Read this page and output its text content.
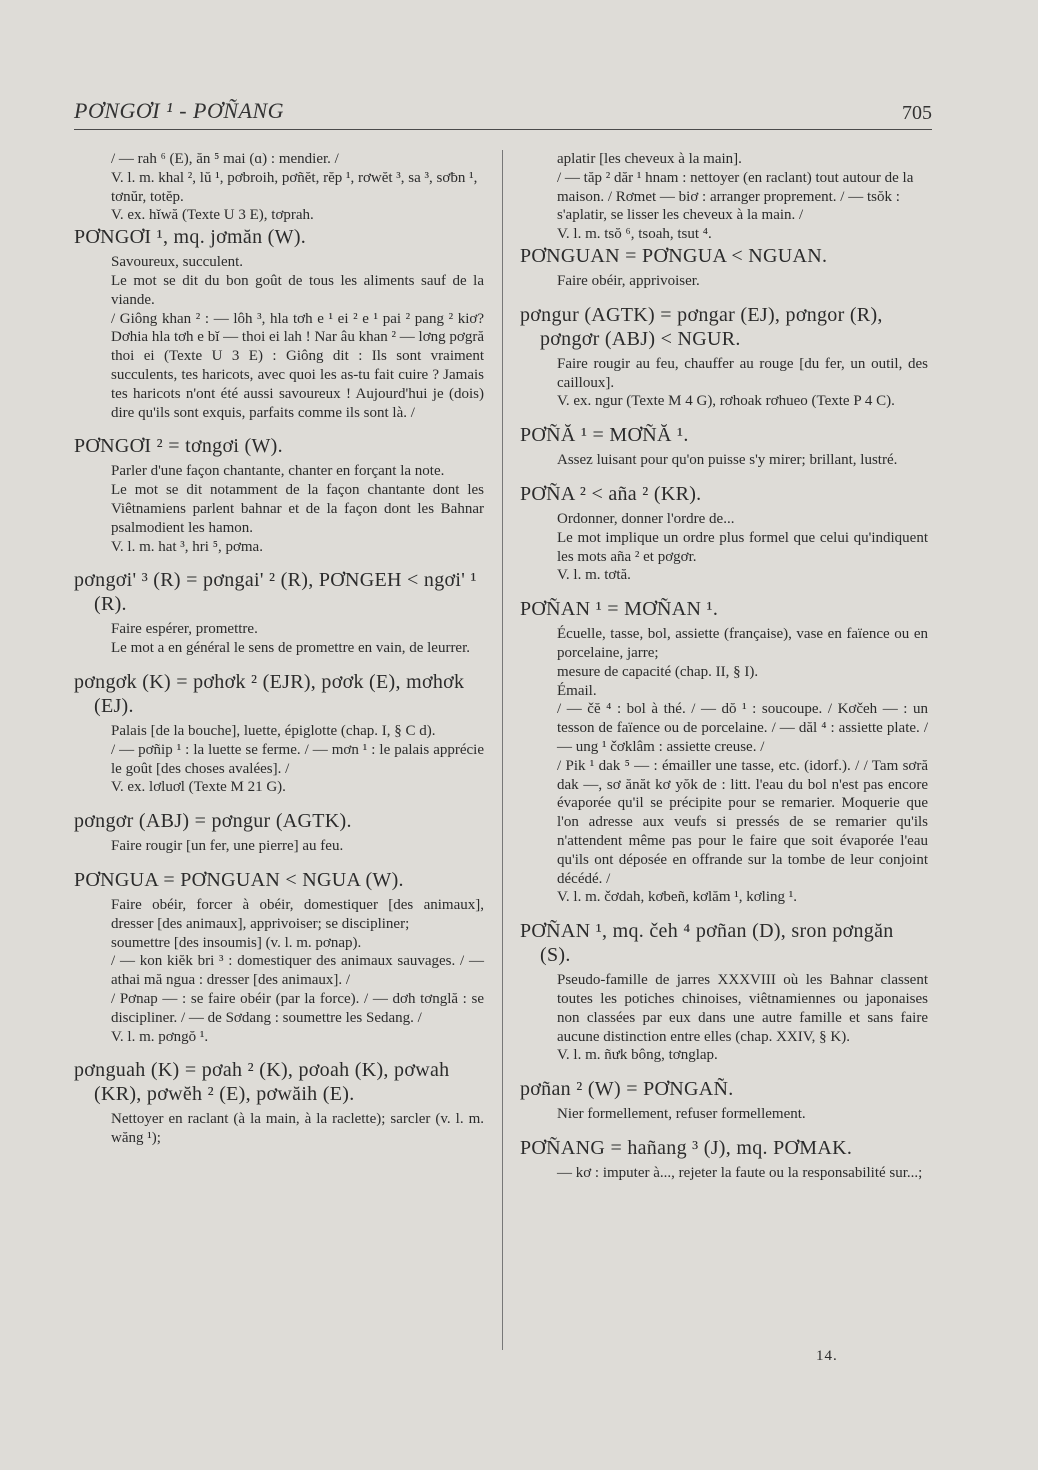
PƠNGƠI ¹ - PƠÑANG	705

/ — rah ⁶ (E), ăn ⁵ mai (ɑ) : mendier. /

V. l. m. khal ², lŭ ¹, pơbroih, pơñĕt, rĕp ¹, rơwĕt ³, sa ³, sơƀn ¹, tơnŭr, totĕp.

V. ex. hĭwă (Texte U 3 E), tơprah.

PƠNGƠI ¹, mq. jơmăn (W).

Savoureux, succulent.

Le mot se dit du bon goût de tous les aliments sauf de la viande.

/ Giông khan ² : — lôh ³, hla tơh e ¹ ei ² e ¹ pai ² pang ² kiơ? Dơhia hla tơh e bĭ — thoi ei lah ! Nar âu khan ² — lơng pơgră thoi ei (Texte U 3 E) : Giông dit : Ils sont vraiment succulents, tes haricots, avec quoi les as-tu fait cuire ? Jamais tes haricots n'ont été aussi savoureux ! Aujourd'hui je (dois) dire qu'ils sont exquis, parfaits comme ils sont là. /

PƠNGƠI ² = tơngơi (W).

Parler d'une façon chantante, chanter en forçant la note.

Le mot se dit notamment de la façon chantante dont les Viêtnamiens parlent bahnar et de la façon dont les Bahnar psalmodient les hamon.

V. l. m. hat ³, hri ⁵, pơma.

pơngơi' ³ (R) = pơngai' ² (R), PƠNGEH < ngơi' ¹ (R).

Faire espérer, promettre.

Le mot a en général le sens de promettre en vain, de leurrer.

pơngơk (K) = pơhơk ² (EJR), pơơk (E), mơhơk (EJ).

Palais [de la bouche], luette, épiglotte (chap. I, § C d).

/ — pơñip ¹ : la luette se ferme. / — mơn ¹ : le palais apprécie le goût [des choses avalées]. /

V. ex. lơluơl (Texte M 21 G).

pơngơr (ABJ) = pơngur (AGTK).

Faire rougir [un fer, une pierre] au feu.

PƠNGUA = PƠNGUAN < NGUA (W).

Faire obéir, forcer à obéir, domestiquer [des animaux], dresser [des animaux], apprivoiser; se discipliner;

soumettre [des insoumis] (v. l. m. pơnap).

/ — kon kiĕk bri ³ : domestiquer des animaux sauvages. / — athai mă ngua : dresser [des animaux]. /

/ Pơnap — : se faire obéir (par la force). / — dơh tơnglă : se discipliner. / — de Sơdang : soumettre les Sedang. /

V. l. m. pơngŏ ¹.

pơnguah (K) = pơah ² (K), pơoah (K), pơwah (KR), pơwĕh ² (E), pơwăih (E).

Nettoyer en raclant (à la main, à la raclette); sarcler (v. l. m. wăng ¹);

aplatir [les cheveux à la main].

/ — tăp ² dăr ¹ hnam : nettoyer (en raclant) tout autour de la maison. / Rơmet — biơ : arranger proprement. / — tsŏk : s'aplatir, se lisser les cheveux à la main. /

V. l. m. tsŏ ⁶, tsoah, tsut ⁴.

PƠNGUAN = PƠNGUA < NGUAN.

Faire obéir, apprivoiser.

pơngur (AGTK) = pơngar (EJ), pơngor (R), pơngơr (ABJ) < NGUR.

Faire rougir au feu, chauffer au rouge [du fer, un outil, des cailloux].

V. ex. ngur (Texte M 4 G), rơhoak rơhueo (Texte P 4 C).

PƠÑĂ ¹ = MƠÑĂ ¹.

Assez luisant pour qu'on puisse s'y mirer; brillant, lustré.

PƠÑA ² < aña ² (KR).

Ordonner, donner l'ordre de...

Le mot implique un ordre plus formel que celui qu'indiquent les mots aña ² et pơgơr.

V. l. m. tơtă.

PƠÑAN ¹ = MƠÑAN ¹.

Écuelle, tasse, bol, assiette (française), vase en faïence ou en porcelaine, jarre;

mesure de capacité (chap. II, § I).

Émail.

/ — čĕ ⁴ : bol à thé. / — dŏ ¹ : soucoupe. / Kơčeh — : un tesson de faïence ou de porcelaine. / — dăl ⁴ : assiette plate. / — ung ¹ čơklâm : assiette creuse. /

/ Pik ¹ dak ⁵ — : émailler une tasse, etc. (idorf.). / / Tam sơră dak —, sơ ănăt kơ yŏk de : litt. l'eau du bol n'est pas encore évaporée qu'il se précipite pour se remarier. Moquerie que l'on adresse aux veufs si pressés de se remarier qu'ils n'attendent même pas pour le faire que soit évaporée l'eau qu'ils ont déposée en offrande sur la tombe de leur conjoint décédé. /

V. l. m. čơdah, kơbeñ, kơlăm ¹, kơling ¹.

PƠÑAN ¹, mq. čeh ⁴ pơñan (D), sron pơngăn (S).

Pseudo-famille de jarres XXXVIII où les Bahnar classent toutes les potiches chinoises, viêtnamiennes ou japonaises non classées par eux dans une autre famille et sans faire aucune distinction entre elles (chap. XXIV, § K).

V. l. m. ñưk bông, tơnglap.

pơñan ² (W) = PƠNGAÑ.

Nier formellement, refuser formellement.

PƠÑANG = hañang ³ (J), mq. PƠMAK.

— kơ : imputer à..., rejeter la faute ou la responsabilité sur...;

14.
